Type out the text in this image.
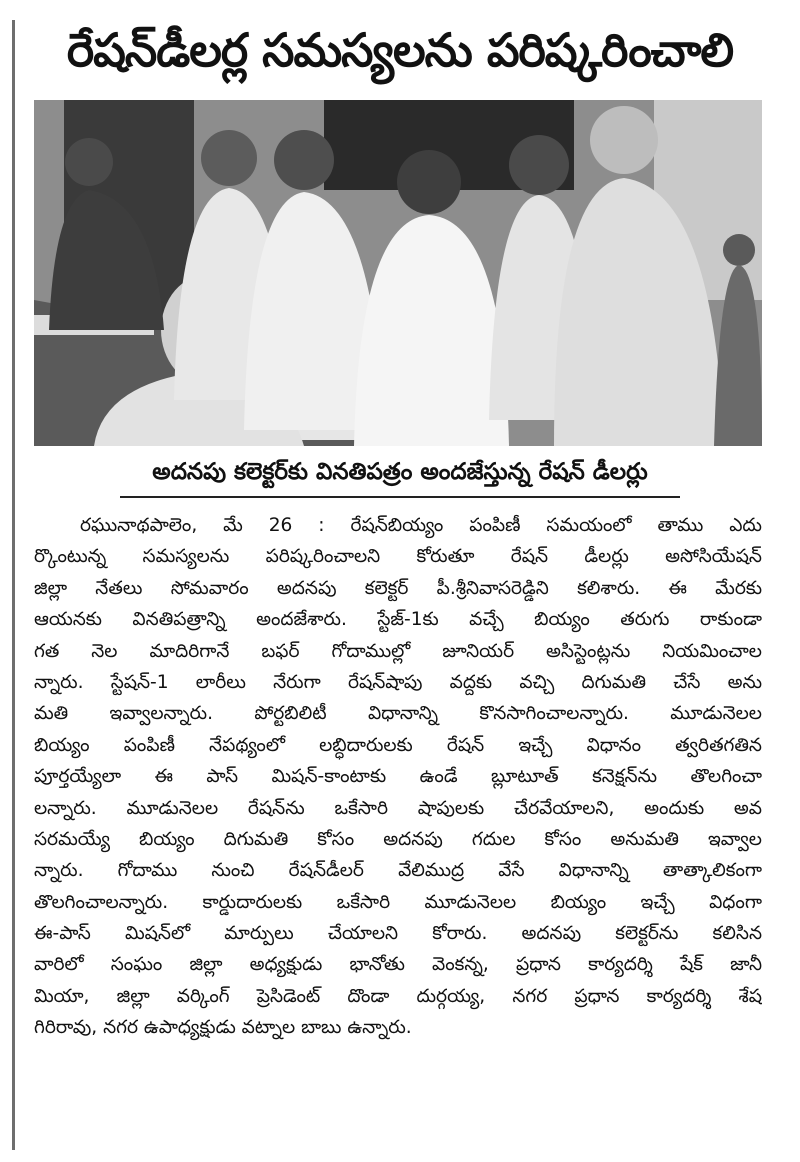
రేషన్‌డీలర్ల సమస్యలను పరిష్కరించాలి
అదనపు కలెక్టర్‌కు వినతిపత్రం అందజేస్తున్న రేషన్ డీలర్లు
రఘునాథపాలెం, మే 26 : రేషన్‌బియ్యం పంపిణీ సమయంలో తాము ఎదు
ర్కొంటున్న సమస్యలను పరిష్కరించాలని కోరుతూ రేషన్ డీలర్లు అసోసియేషన్
జిల్లా నేతలు సోమవారం అదనపు కలెక్టర్ పీ.శ్రీనివాసరెడ్డిని కలిశారు. ఈ మేరకు
ఆయనకు వినతిపత్రాన్ని అందజేశారు. స్టేజ్-1కు వచ్చే బియ్యం తరుగు రాకుండా
గత నెల మాదిరిగానే బఫర్ గోదాముల్లో జూనియర్ అసిస్టెంట్లను నియమించాల
న్నారు. స్టేషన్-1 లారీలు నేరుగా రేషన్‌షాపు వద్దకు వచ్చి దిగుమతి చేసే అను
మతి ఇవ్వాలన్నారు. పోర్టబిలిటీ విధానాన్ని కొనసాగించాలన్నారు. మూడునెలల
బియ్యం పంపిణీ నేపథ్యంలో లబ్ధిదారులకు రేషన్ ఇచ్చే విధానం త్వరితగతిన
పూర్తయ్యేలా ఈ పాస్ మిషన్-కాంటాకు ఉండే బ్లూటూత్ కనెక్షన్‌ను తొలగించా
లన్నారు. మూడునెలల రేషన్‌ను ఒకేసారి షాపులకు చేరవేయాలని, అందుకు అవ
సరమయ్యే బియ్యం దిగుమతి కోసం అదనపు గదుల కోసం అనుమతి ఇవ్వాల
న్నారు. గోదాము నుంచి రేషన్‌డీలర్ వేలిముద్ర వేసే విధానాన్ని తాత్కాలికంగా
తొలగించాలన్నారు. కార్డుదారులకు ఒకేసారి మూడునెలల బియ్యం ఇచ్చే విధంగా
ఈ-పాస్ మిషన్‌లో మార్పులు చేయాలని కోరారు. అదనపు కలెక్టర్‌ను కలిసిన
వారిలో సంఘం జిల్లా అధ్యక్షుడు భానోతు వెంకన్న, ప్రధాన కార్యదర్శి షేక్ జానీ
మియా, జిల్లా వర్కింగ్ ప్రెసిడెంట్ దొండా దుర్గయ్య, నగర ప్రధాన కార్యదర్శి శేష
గిరిరావు, నగర ఉపాధ్యక్షుడు వట్నాల బాబు ఉన్నారు.
